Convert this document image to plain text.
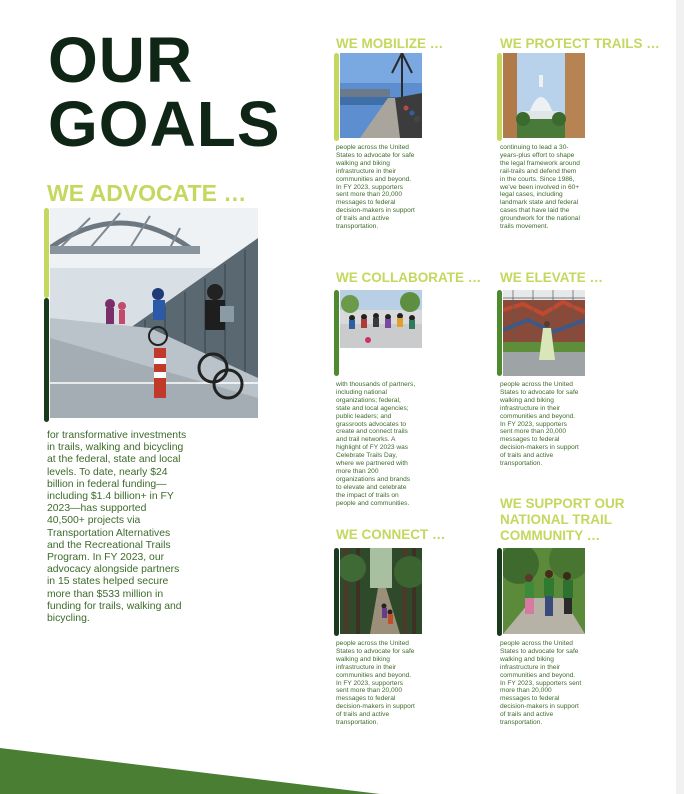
OUR
GOALS
WE ADVOCATE …

for transformative investments in trails, walking and bicycling at the federal, state and local levels. To date, nearly $24 billion in federal funding—including $1.4 billion+ in FY 2023—has supported 40,500+ projects via Transportation Alternatives and the Recreational Trails Program. In FY 2023, our advocacy alongside partners in 15 states helped secure more than $533 million in funding for trails, walking and bicycling.

WE MOBILIZE …

people across the United States to advocate for safe walking and biking infrastructure in their communities and beyond. In FY 2023, supporters sent more than 20,000 messages to federal decision-makers in support of trails and active transportation.

WE PROTECT TRAILS …

continuing to lead a 30-years-plus effort to shape the legal framework around rail-trails and defend them in the courts. Since 1986, we've been involved in 60+ legal cases, including landmark state and federal cases that have laid the groundwork for the national trails movement.

WE COLLABORATE …

with thousands of partners, including national organizations; federal, state and local agencies; public leaders; and grassroots advocates to create and connect trails and trail networks. A highlight of FY 2023 was Celebrate Trails Day, where we partnered with more than 200 organizations and brands to elevate and celebrate the impact of trails on people and communities.

WE ELEVATE …

people across the United States to advocate for safe walking and biking infrastructure in their communities and beyond. In FY 2023, supporters sent more than 20,000 messages to federal decision-makers in support of trails and active transportation.

WE CONNECT …

people across the United States to advocate for safe walking and biking infrastructure in their communities and beyond. In FY 2023, supporters sent more than 20,000 messages to federal decision-makers in support of trails and active transportation.

WE SUPPORT OUR
NATIONAL TRAIL
COMMUNITY …

people across the United States to advocate for safe walking and biking infrastructure in their communities and beyond. In FY 2023, supporters sent more than 20,000 messages to federal decision-makers in support of trails and active transportation.
